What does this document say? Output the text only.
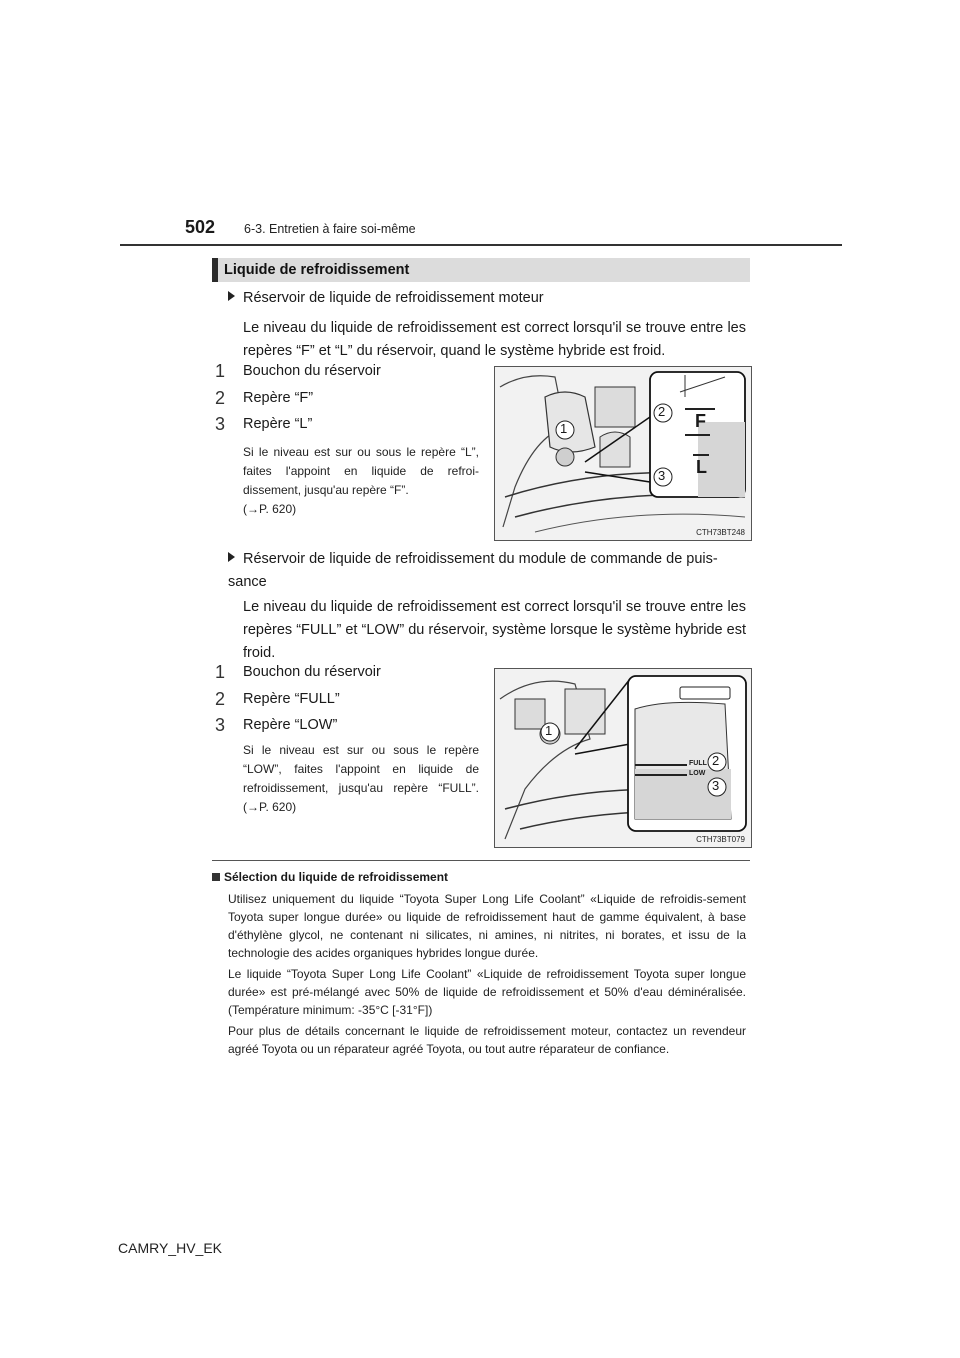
502 6-3. Entretien à faire soi-même
Liquide de refroidissement
Réservoir de liquide de refroidissement moteur
Le niveau du liquide de refroidissement est correct lorsqu'il se trouve entre les repères “F” et “L” du réservoir, quand le système hybride est froid.
1 Bouchon du réservoir
2 Repère “F”
3 Repère “L”
Si le niveau est sur ou sous le repère “L”, faites l'appoint en liquide de refroi-dissement, jusqu'au repère “F”.
(→P. 620)
1
2
3
F
L
CTH73BT248
Réservoir de liquide de refroidissement du module de commande de puis-sance
Le niveau du liquide de refroidissement est correct lorsqu'il se trouve entre les repères “FULL” et “LOW” du réservoir, système lorsque le système hybride est froid.
1 Bouchon du réservoir
2 Repère “FULL”
3 Repère “LOW”
Si le niveau est sur ou sous le repère “LOW”, faites l'appoint en liquide de refroidissement, jusqu'au repère “FULL”. (→P. 620)
1
2
3
FULL
LOW
CTH73BT079
Sélection du liquide de refroidissement
Utilisez uniquement du liquide “Toyota Super Long Life Coolant” «Liquide de refroidis-sement Toyota super longue durée» ou liquide de refroidissement haut de gamme équivalent, à base d'éthylène glycol, ne contenant ni silicates, ni amines, ni nitrites, ni borates, et issu de la technologie des acides organiques hybrides longue durée.
Le liquide “Toyota Super Long Life Coolant” «Liquide de refroidissement Toyota super longue durée» est pré-mélangé avec 50% de liquide de refroidissement et 50% d'eau déminéralisée. (Température minimum: -35°C [-31°F])
Pour plus de détails concernant le liquide de refroidissement moteur, contactez un revendeur agréé Toyota ou un réparateur agréé Toyota, ou tout autre réparateur de confiance.
CAMRY_HV_EK
